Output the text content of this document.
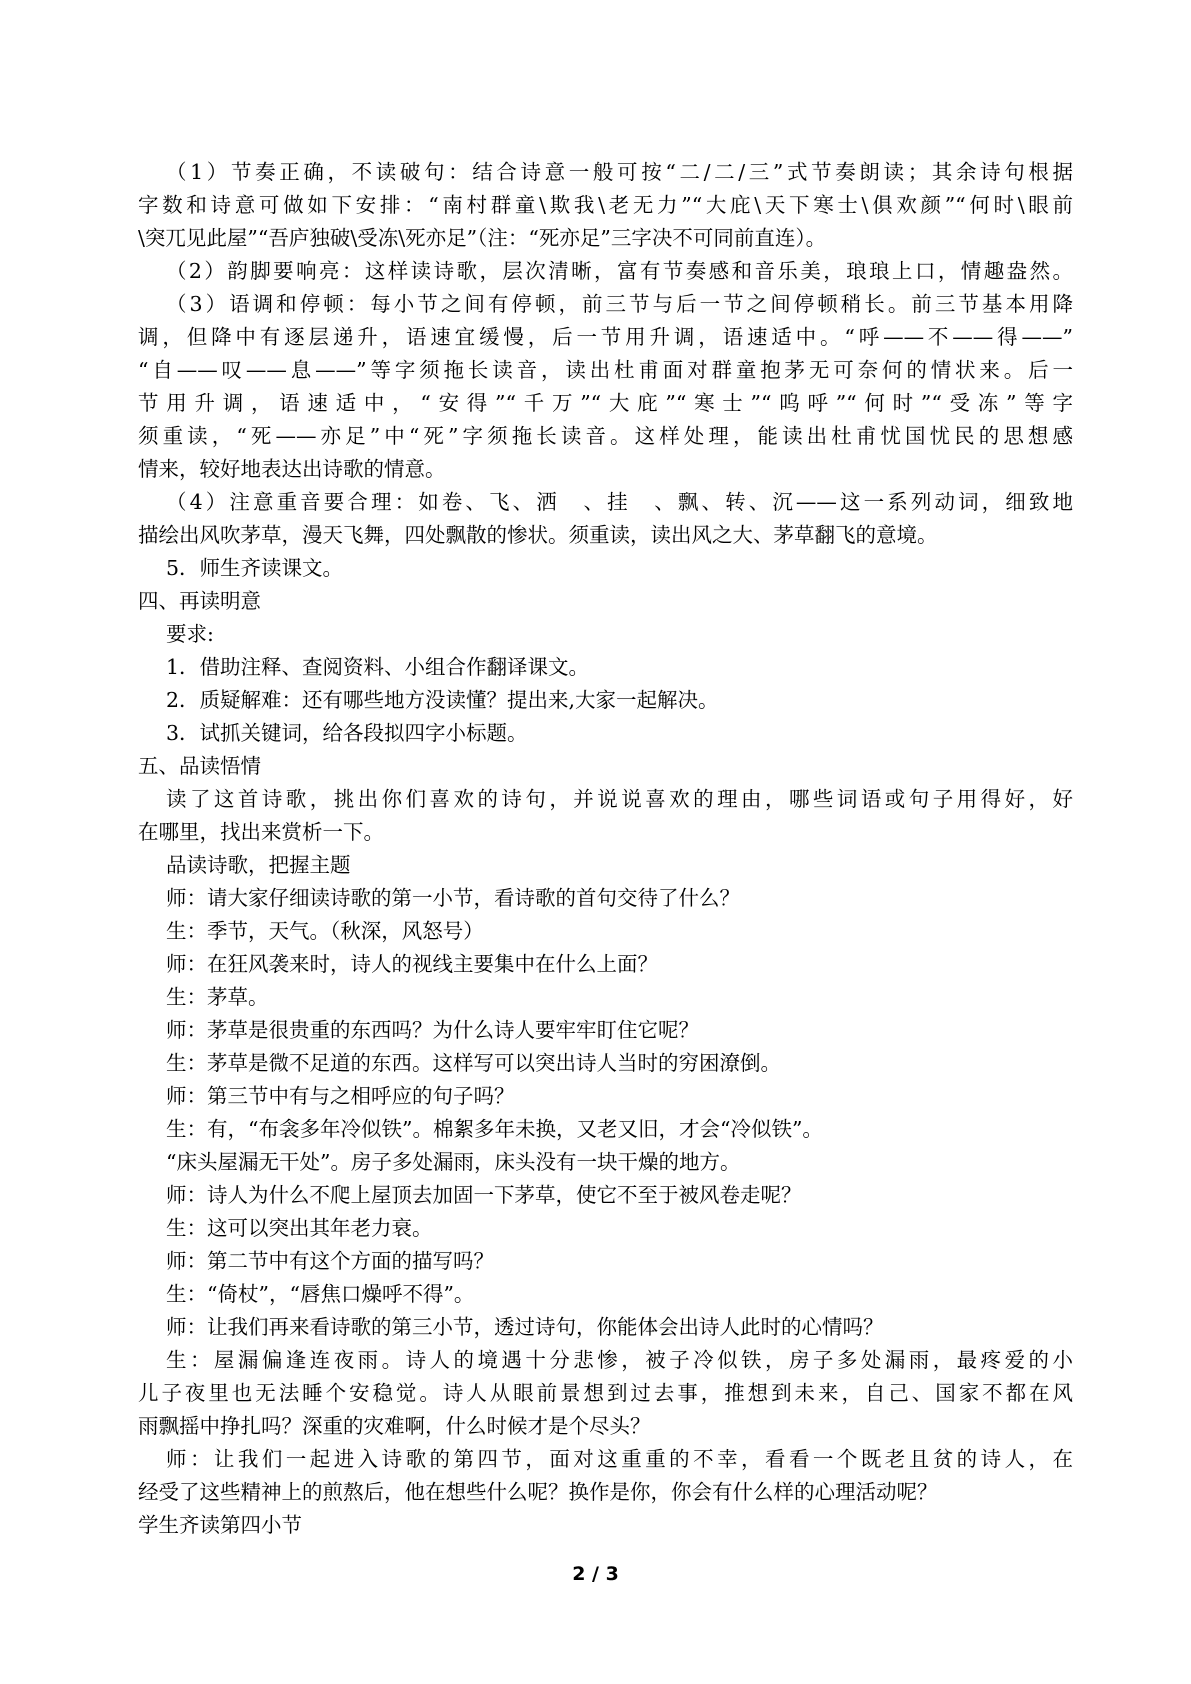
（1）节奏正确，不读破句：结合诗意一般可按“二/二/三”式节奏朗读；其余诗句根据
字数和诗意可做如下安排：“南村群童\欺我\老无力”“大庇\天下寒士\俱欢颜”“何时\眼前
\突兀见此屋”“吾庐独破\受冻\死亦足”（注：“死亦足”三字决不可同前直连）。
（2）韵脚要响亮：这样读诗歌，层次清晰，富有节奏感和音乐美，琅琅上口，情趣盎然。
（3）语调和停顿：每小节之间有停顿，前三节与后一节之间停顿稍长。前三节基本用降
调，但降中有逐层递升，语速宜缓慢，后一节用升调，语速适中。“呼——不——得——”
“自——叹——息——”等字须拖长读音，读出杜甫面对群童抱茅无可奈何的情状来。后一
节用升调，语速适中，“安得”“千万”“大庇”“寒士”“呜呼”“何时”“受冻”等字
须重读，“死——亦足”中“死”字须拖长读音。这样处理，能读出杜甫忧国忧民的思想感
情来，较好地表达出诗歌的情意。
（4）注意重音要合理：如卷、飞、洒　、挂　、飘、转、沉——这一系列动词，细致地
描绘出风吹茅草，漫天飞舞，四处飘散的惨状。须重读，读出风之大、茅草翻飞的意境。
5．师生齐读课文。
四、再读明意
要求:
1．借助注释、查阅资料、小组合作翻译课文。
2．质疑解难：还有哪些地方没读懂？提出来,大家一起解决。
3．试抓关键词，给各段拟四字小标题。
五、品读悟情
读了这首诗歌，挑出你们喜欢的诗句，并说说喜欢的理由，哪些词语或句子用得好，好
在哪里，找出来赏析一下。
品读诗歌，把握主题
师：请大家仔细读诗歌的第一小节，看诗歌的首句交待了什么？
生：季节，天气。（秋深，风怒号）
师：在狂风袭来时，诗人的视线主要集中在什么上面？
生：茅草。
师：茅草是很贵重的东西吗？为什么诗人要牢牢盯住它呢？
生：茅草是微不足道的东西。这样写可以突出诗人当时的穷困潦倒。
师：第三节中有与之相呼应的句子吗？
生：有，“布衾多年冷似铁”。棉絮多年未换，又老又旧，才会“冷似铁”。
“床头屋漏无干处”。房子多处漏雨，床头没有一块干燥的地方。
师：诗人为什么不爬上屋顶去加固一下茅草，使它不至于被风卷走呢？
生：这可以突出其年老力衰。
师：第二节中有这个方面的描写吗？
生：“倚杖”，“唇焦口燥呼不得”。
师：让我们再来看诗歌的第三小节，透过诗句，你能体会出诗人此时的心情吗？
生：屋漏偏逢连夜雨。诗人的境遇十分悲惨，被子冷似铁，房子多处漏雨，最疼爱的小
儿子夜里也无法睡个安稳觉。诗人从眼前景想到过去事，推想到未来，自己、国家不都在风
雨飘摇中挣扎吗？深重的灾难啊，什么时候才是个尽头？
师：让我们一起进入诗歌的第四节，面对这重重的不幸，看看一个既老且贫的诗人，在
经受了这些精神上的煎熬后，他在想些什么呢？换作是你，你会有什么样的心理活动呢？
学生齐读第四小节
2 / 3
